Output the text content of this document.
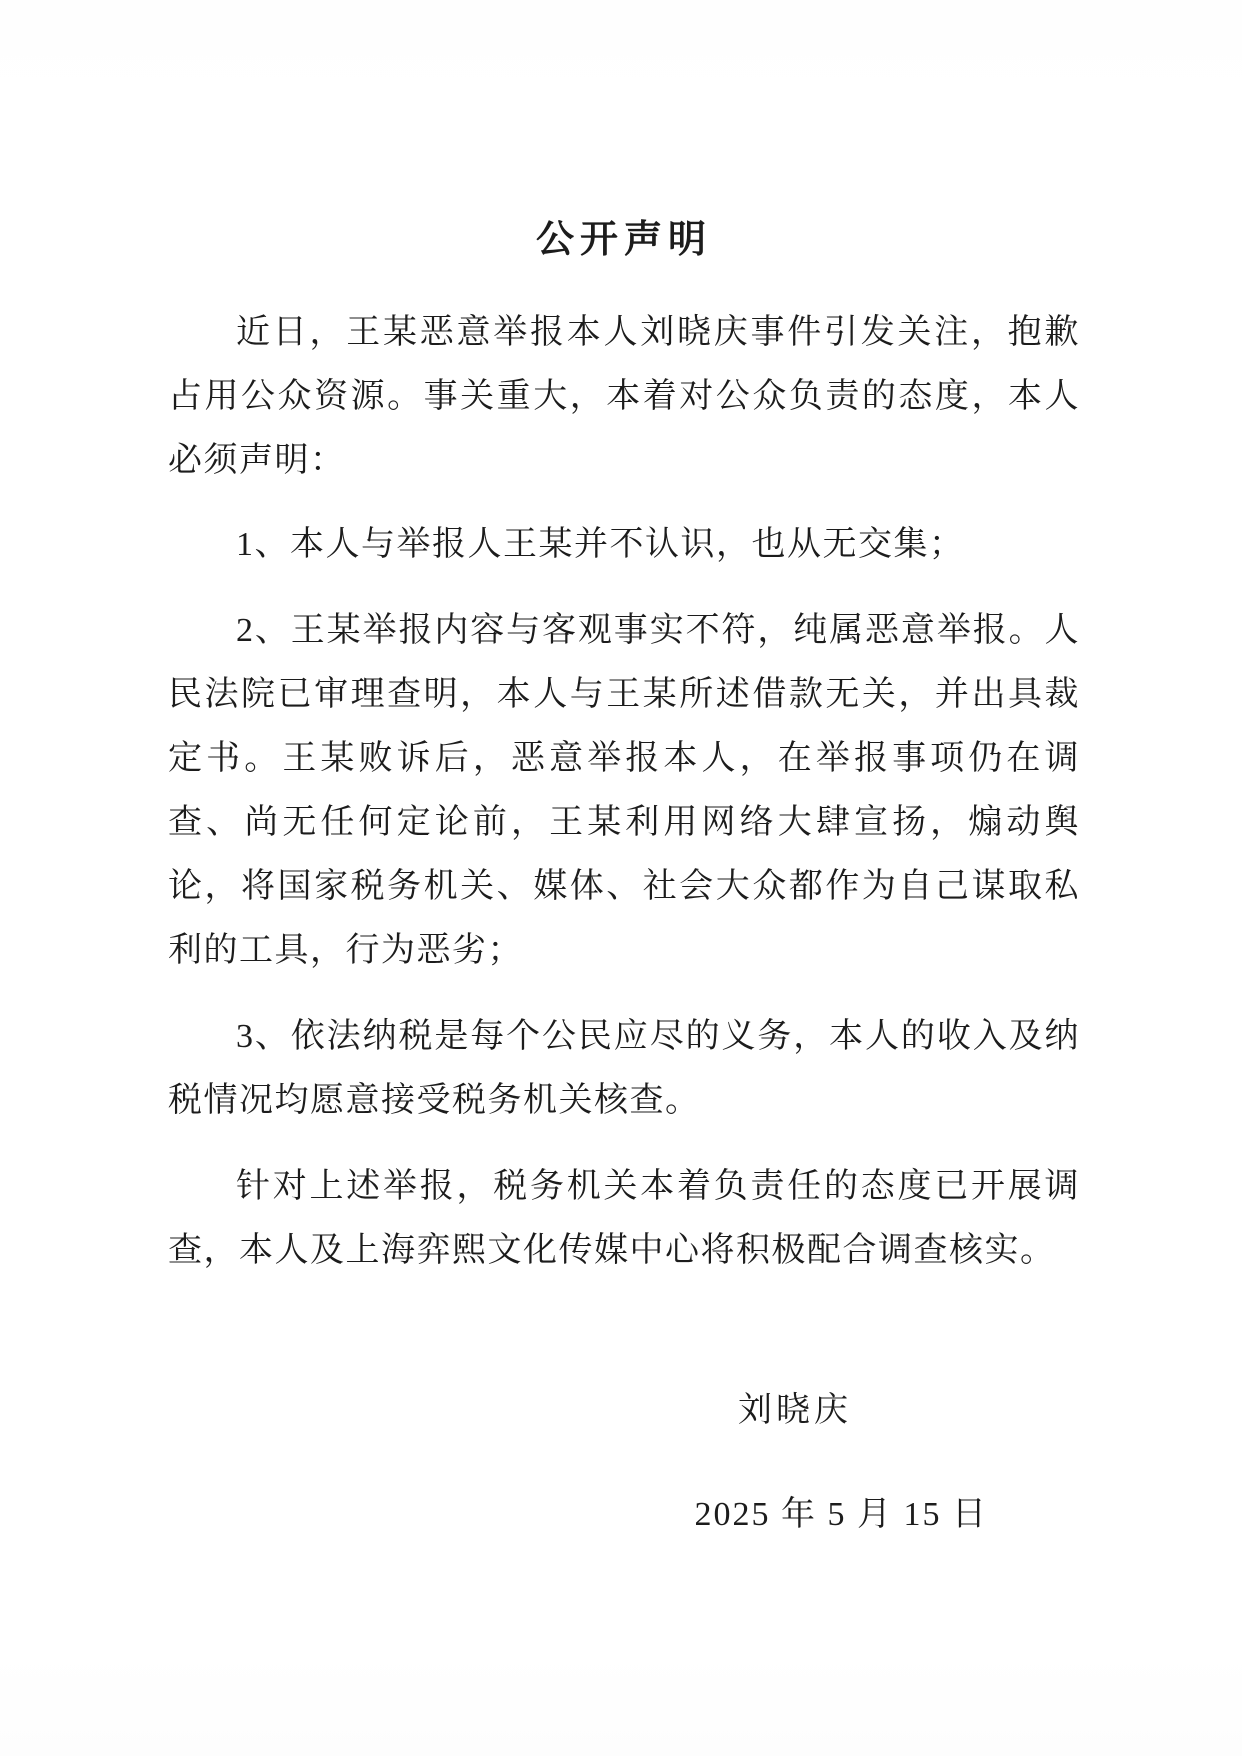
公开声明

近日，王某恶意举报本人刘晓庆事件引发关注，抱歉占用公众资源。事关重大，本着对公众负责的态度，本人必须声明：

1、本人与举报人王某并不认识，也从无交集；

2、王某举报内容与客观事实不符，纯属恶意举报。人民法院已审理查明，本人与王某所述借款无关，并出具裁定书。王某败诉后，恶意举报本人，在举报事项仍在调查、尚无任何定论前，王某利用网络大肆宣扬，煽动舆论，将国家税务机关、媒体、社会大众都作为自己谋取私利的工具，行为恶劣；

3、依法纳税是每个公民应尽的义务，本人的收入及纳税情况均愿意接受税务机关核查。

针对上述举报，税务机关本着负责任的态度已开展调查，本人及上海弈熙文化传媒中心将积极配合调查核实。

刘晓庆

2025 年 5 月 15 日
